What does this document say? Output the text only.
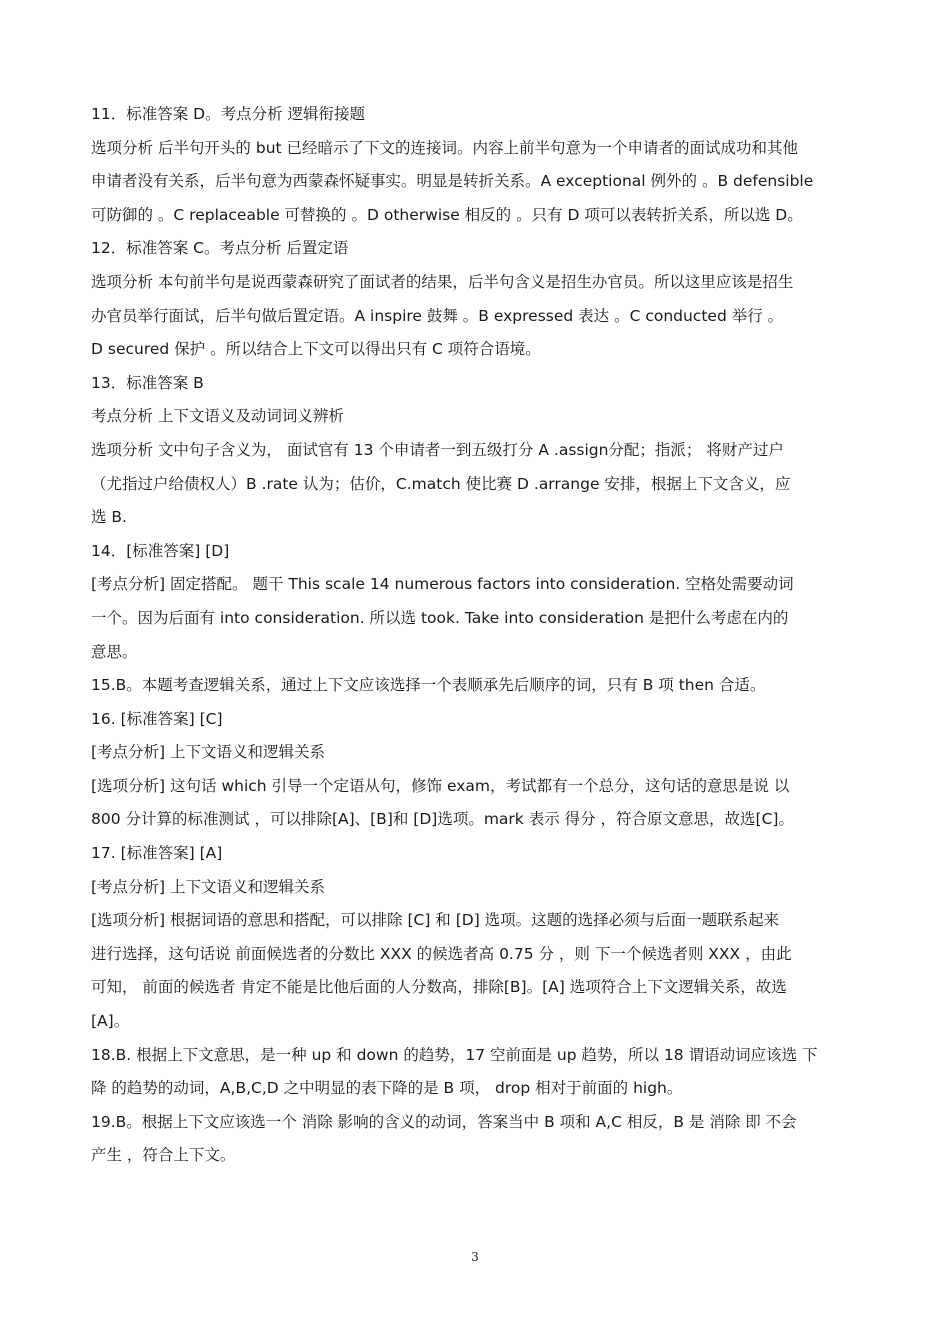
11．标准答案 D。考点分析 逻辑衔接题
选项分析 后半句开头的 but 已经暗示了下文的连接词。内容上前半句意为一个申请者的面试成功和其他
申请者没有关系，后半句意为西蒙森怀疑事实。明显是转折关系。A exceptional 例外的 。B defensible
可防御的 。C replaceable 可替换的 。D otherwise 相反的 。只有 D 项可以表转折关系，所以选 D。
12．标准答案 C。考点分析 后置定语
选项分析 本句前半句是说西蒙森研究了面试者的结果，后半句含义是招生办官员。所以这里应该是招生
办官员举行面试，后半句做后置定语。A inspire 鼓舞 。B expressed 表达 。C conducted 举行 。
D secured 保护 。所以结合上下文可以得出只有 C 项符合语境。
13．标准答案 B
考点分析 上下文语义及动词词义辨析
选项分析 文中句子含义为， 面试官有 13 个申请者一到五级打分 A .assign分配；指派； 将财产过户
（尤指过户给债权人）B .rate 认为；估价，C.match 使比赛 D .arrange 安排，根据上下文含义，应
选 B.
14．[标准答案] [D]
[考点分析] 固定搭配。 题干 This scale 14 numerous factors into consideration. 空格处需要动词
一个。因为后面有 into consideration. 所以选 took. Take into consideration 是把什么考虑在内的
意思。
15.B。本题考查逻辑关系，通过上下文应该选择一个表顺承先后顺序的词，只有 B 项 then 合适。
16. [标准答案] [C]
[考点分析] 上下文语义和逻辑关系
[选项分析] 这句话 which 引导一个定语从句，修饰 exam，考试都有一个总分，这句话的意思是说 以
800 分计算的标准测试 ，可以排除[A]、[B]和 [D]选项。mark 表示 得分 ，符合原文意思，故选[C]。
17. [标准答案] [A]
[考点分析] 上下文语义和逻辑关系
[选项分析] 根据词语的意思和搭配，可以排除 [C] 和 [D] 选项。这题的选择必须与后面一题联系起来
进行选择，这句话说 前面候选者的分数比 XXX 的候选者高 0.75 分 ，则 下一个候选者则 XXX ，由此
可知， 前面的候选者 肯定不能是比他后面的人分数高，排除[B]。[A] 选项符合上下文逻辑关系，故选
[A]。
18.B. 根据上下文意思，是一种 up 和 down 的趋势，17 空前面是 up 趋势，所以 18 谓语动词应该选 下
降 的趋势的动词，A,B,C,D 之中明显的表下降的是 B 项， drop 相对于前面的 high。
19.B。根据上下文应该选一个 消除 影响的含义的动词，答案当中 B 项和 A,C 相反，B 是 消除 即 不会
产生 ，符合上下文。
3
